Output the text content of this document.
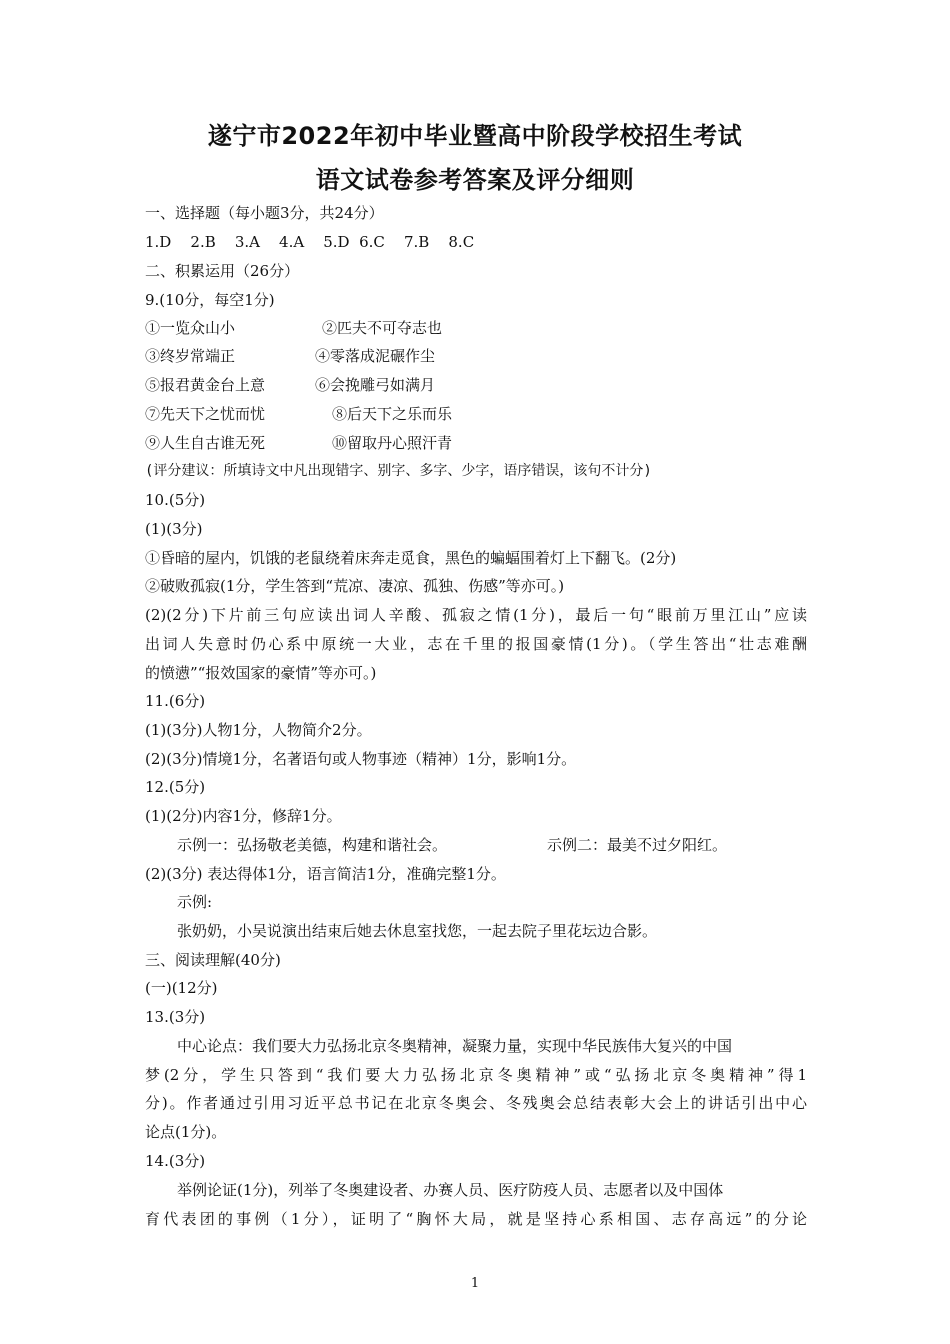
遂宁市2022年初中毕业暨高中阶段学校招生考试
语文试卷参考答案及评分细则
一、选择题（每小题3分，共24分）
1.D    2.B    3.A    4.A    5.D  6.C    7.B    8.C
二、积累运用（26分）
9.(10分，每空1分)
①一览众山小	②匹夫不可夺志也
③终岁常端正	④零落成泥碾作尘
⑤报君黄金台上意	⑥会挽雕弓如满月
⑦先天下之忧而忧	⑧后天下之乐而乐
⑨人生自古谁无死	⑩留取丹心照汗青
(评分建议：所填诗文中凡出现错字、别字、多字、少字，语序错误，该句不计分)
10.(5分)
(1)(3分)
①昏暗的屋内，饥饿的老鼠绕着床奔走觅食，黑色的蝙蝠围着灯上下翻飞。(2分)
②破败孤寂(1分，学生答到“荒凉、凄凉、孤独、伤感”等亦可。)
(2)(2分)下片前三句应读出词人辛酸、孤寂之情(1分)，最后一句“眼前万里江山”应读
出词人失意时仍心系中原统一大业，志在千里的报国豪情(1分)。（学生答出“壮志难酬
的愤懑”“报效国家的豪情”等亦可。)
11.(6分)
(1)(3分)人物1分，人物简介2分。
(2)(3分)情境1分，名著语句或人物事迹（精神）1分，影响1分。
12.(5分)
(1)(2分)内容1分，修辞1分。
示例一：弘扬敬老美德，构建和谐社会。	示例二：最美不过夕阳红。
(2)(3分) 表达得体1分，语言简洁1分，准确完整1分。
示例:
张奶奶，小吴说演出结束后她去休息室找您，一起去院子里花坛边合影。
三、阅读理解(40分)
(一)(12分)
13.(3分)
中心论点：我们要大力弘扬北京冬奥精神，凝聚力量，实现中华民族伟大复兴的中国
梦(2分，学生只答到“我们要大力弘扬北京冬奥精神”或“弘扬北京冬奥精神”得1
分)。作者通过引用习近平总书记在北京冬奥会、冬残奥会总结表彰大会上的讲话引出中心
论点(1分)。
14.(3分)
举例论证(1分)，列举了冬奥建设者、办赛人员、医疗防疫人员、志愿者以及中国体
育代表团的事例（1分），证明了“胸怀大局，就是坚持心系相国、志存高远”的分论
1
